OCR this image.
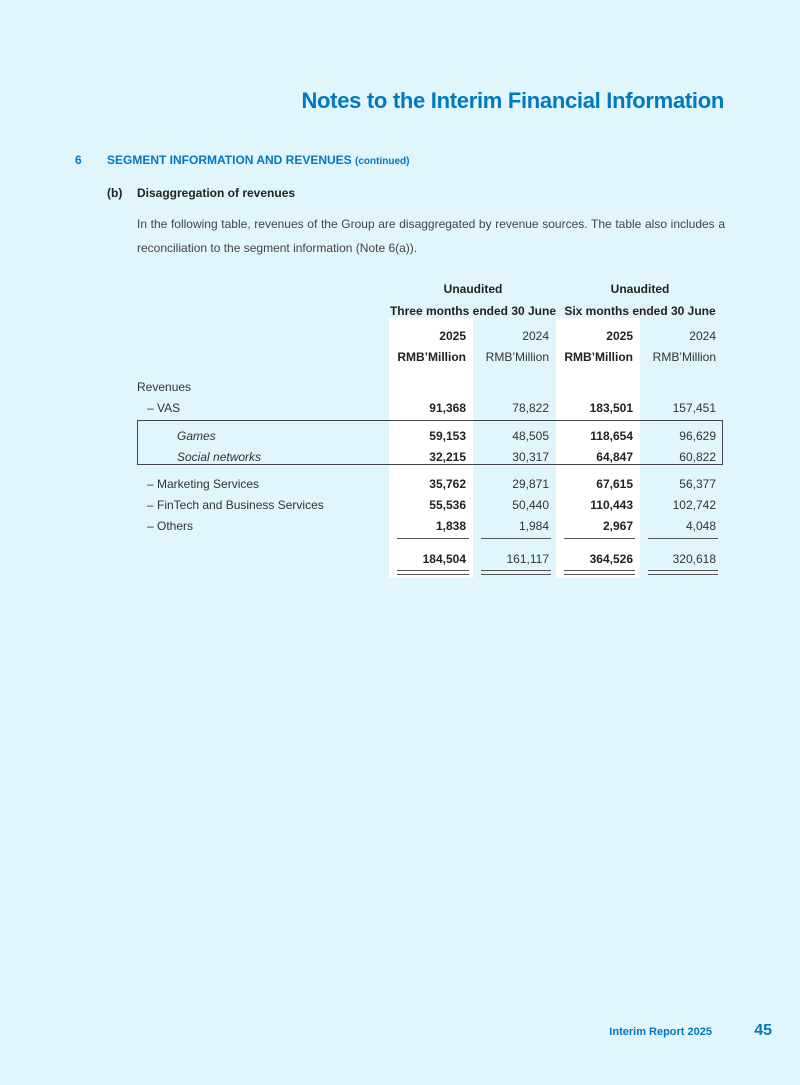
Notes to the Interim Financial Information
6 SEGMENT INFORMATION AND REVENUES (continued)
(b) Disaggregation of revenues
In the following table, revenues of the Group are disaggregated by revenue sources. The table also includes a reconciliation to the segment information (Note 6(a)).
Unaudited	Unaudited
Three months ended 30 June Six months ended 30 June
2025	2024	2025	2024
RMB’Million	RMB’Million	RMB’Million	RMB’Million
Revenues
– VAS	91,368	78,822	183,501	157,451
Games	59,153	48,505	118,654	96,629
Social networks	32,215	30,317	64,847	60,822
– Marketing Services	35,762	29,871	67,615	56,377
– FinTech and Business Services	55,536	50,440	110,443	102,742
– Others	1,838	1,984	2,967	4,048
184,504	161,117	364,526	320,618
Interim Report 2025	45
